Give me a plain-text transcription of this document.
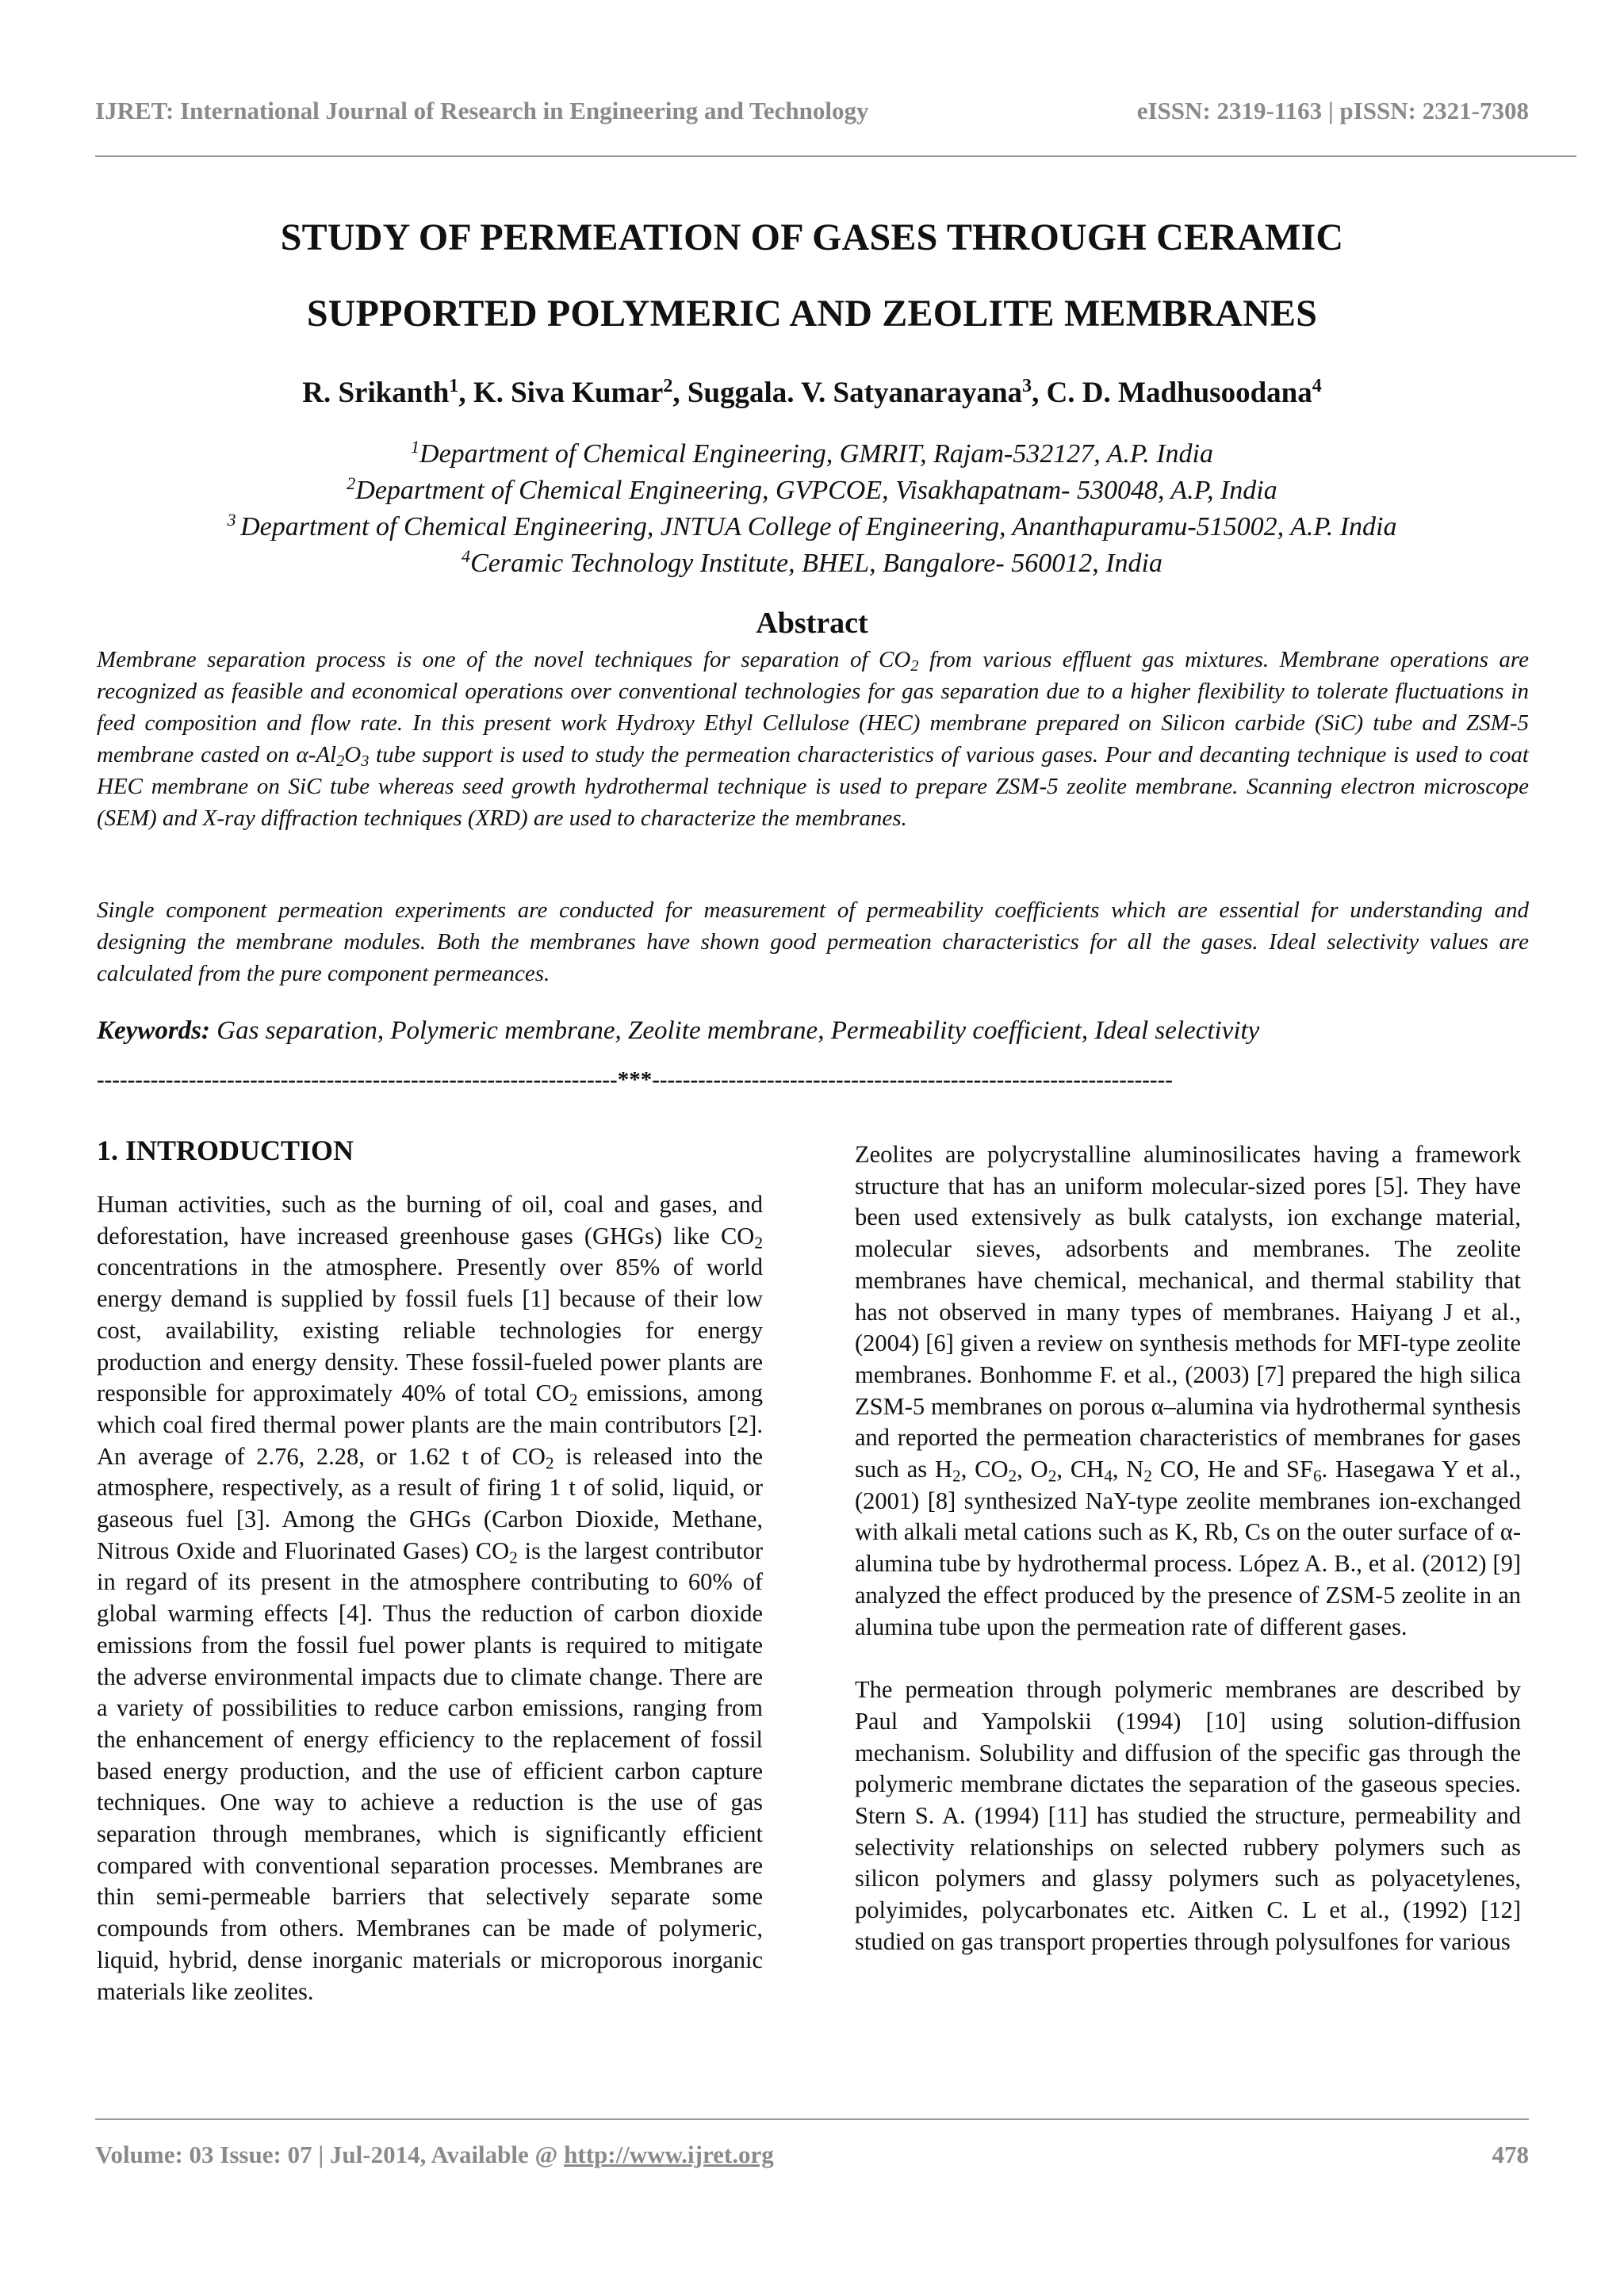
IJRET: International Journal of Research in Engineering and Technology	eISSN: 2319-1163 | pISSN: 2321-7308
STUDY OF PERMEATION OF GASES THROUGH CERAMIC
SUPPORTED POLYMERIC AND ZEOLITE MEMBRANES
R. Srikanth$^1$, K. Siva Kumar$^2$, Suggala. V. Satyanarayana$^3$, C. D. Madhusoodana$^4$
$^1$Department of Chemical Engineering, GMRIT, Rajam-532127, A.P. India
$^2$Department of Chemical Engineering, GVPCOE, Visakhapatnam- 530048, A.P, India
$^3$ Department of Chemical Engineering, JNTUA College of Engineering, Ananthapuramu-515002, A.P. India
$^4$Ceramic Technology Institute, BHEL, Bangalore- 560012, India
Abstract

Membrane separation process is one of the novel techniques for separation of $CO_2$ from various effluent gas mixtures. Membrane operations are recognized as feasible and economical operations over conventional technologies for gas separation due to a higher flexibility to tolerate fluctuations in feed composition and flow rate. In this present work Hydroxy Ethyl Cellulose (HEC) membrane prepared on Silicon carbide (SiC) tube and ZSM-5 membrane casted on $\alpha-Al_2O_3$ tube support is used to study the permeation characteristics of various gases. Pour and decanting technique is used to coat HEC membrane on SiC tube whereas seed growth hydrothermal technique is used to prepare ZSM-5 zeolite membrane. Scanning electron microscope (SEM) and X-ray diffraction techniques (XRD) are used to characterize the membranes.

Single component permeation experiments are conducted for measurement of permeability coefficients which are essential for understanding and designing the membrane modules. Both the membranes have shown good permeation characteristics for all the gases. Ideal selectivity values are calculated from the pure component permeances.

Keywords: Gas separation, Polymeric membrane, Zeolite membrane, Permeability coefficient, Ideal selectivity
--------------------------------------------------------------------***--------------------------------------------------------------------
1. INTRODUCTION

Human activities, such as the burning of oil, coal and gases, and deforestation, have increased greenhouse gases (GHGs) like $CO_2$ concentrations in the atmosphere. Presently over 85% of world energy demand is supplied by fossil fuels [1] because of their low cost, availability, existing reliable technologies for energy production and energy density. These fossil-fueled power plants are responsible for approximately 40% of total $CO_2$ emissions, among which coal fired thermal power plants are the main contributors [2]. An average of 2.76, 2.28, or 1.62 t of $CO_2$ is released into the atmosphere, respectively, as a result of firing 1 t of solid, liquid, or gaseous fuel [3]. Among the GHGs (Carbon Dioxide, Methane, Nitrous Oxide and Fluorinated Gases) $CO_2$ is the largest contributor in regard of its present in the atmosphere contributing to 60% of global warming effects [4]. Thus the reduction of carbon dioxide emissions from the fossil fuel power plants is required to mitigate the adverse environmental impacts due to climate change. There are a variety of possibilities to reduce carbon emissions, ranging from the enhancement of energy efficiency to the replacement of fossil based energy production, and the use of efficient carbon capture techniques. One way to achieve a reduction is the use of gas separation through membranes, which is significantly efficient compared with conventional separation processes. Membranes are thin semi-permeable barriers that selectively separate some compounds from others. Membranes can be made of polymeric, liquid, hybrid, dense inorganic materials or microporous inorganic materials like zeolites.

Zeolites are polycrystalline aluminosilicates having a framework structure that has an uniform molecular-sized pores [5]. They have been used extensively as bulk catalysts, ion exchange material, molecular sieves, adsorbents and membranes. The zeolite membranes have chemical, mechanical, and thermal stability that has not observed in many types of membranes. Haiyang J et al., (2004) [6] given a review on synthesis methods for MFI-type zeolite membranes. Bonhomme F. et al., (2003) [7] prepared the high silica ZSM-5 membranes on porous α–alumina via hydrothermal synthesis and reported the permeation characteristics of membranes for gases such as $H_2$, $CO_2$, $O_2$, $CH_4$, $N_2$ CO, He and $SF_6$. Hasegawa Y et al., (2001) [8] synthesized NaY-type zeolite membranes ion-exchanged with alkali metal cations such as K, Rb, Cs on the outer surface of α-alumina tube by hydrothermal process. López A. B., et al. (2012) [9] analyzed the effect produced by the presence of ZSM-5 zeolite in an alumina tube upon the permeation rate of different gases.

The permeation through polymeric membranes are described by Paul and Yampolskii (1994) [10] using solution-diffusion mechanism. Solubility and diffusion of the specific gas through the polymeric membrane dictates the separation of the gaseous species. Stern S. A. (1994) [11] has studied the structure, permeability and selectivity relationships on selected rubbery polymers such as silicon polymers and glassy polymers such as polyacetylenes, polyimides, polycarbonates etc. Aitken C. L et al., (1992) [12] studied on gas transport properties through polysulfones for various

Volume: 03 Issue: 07 | Jul-2014, Available @ http://www.ijret.org	478
